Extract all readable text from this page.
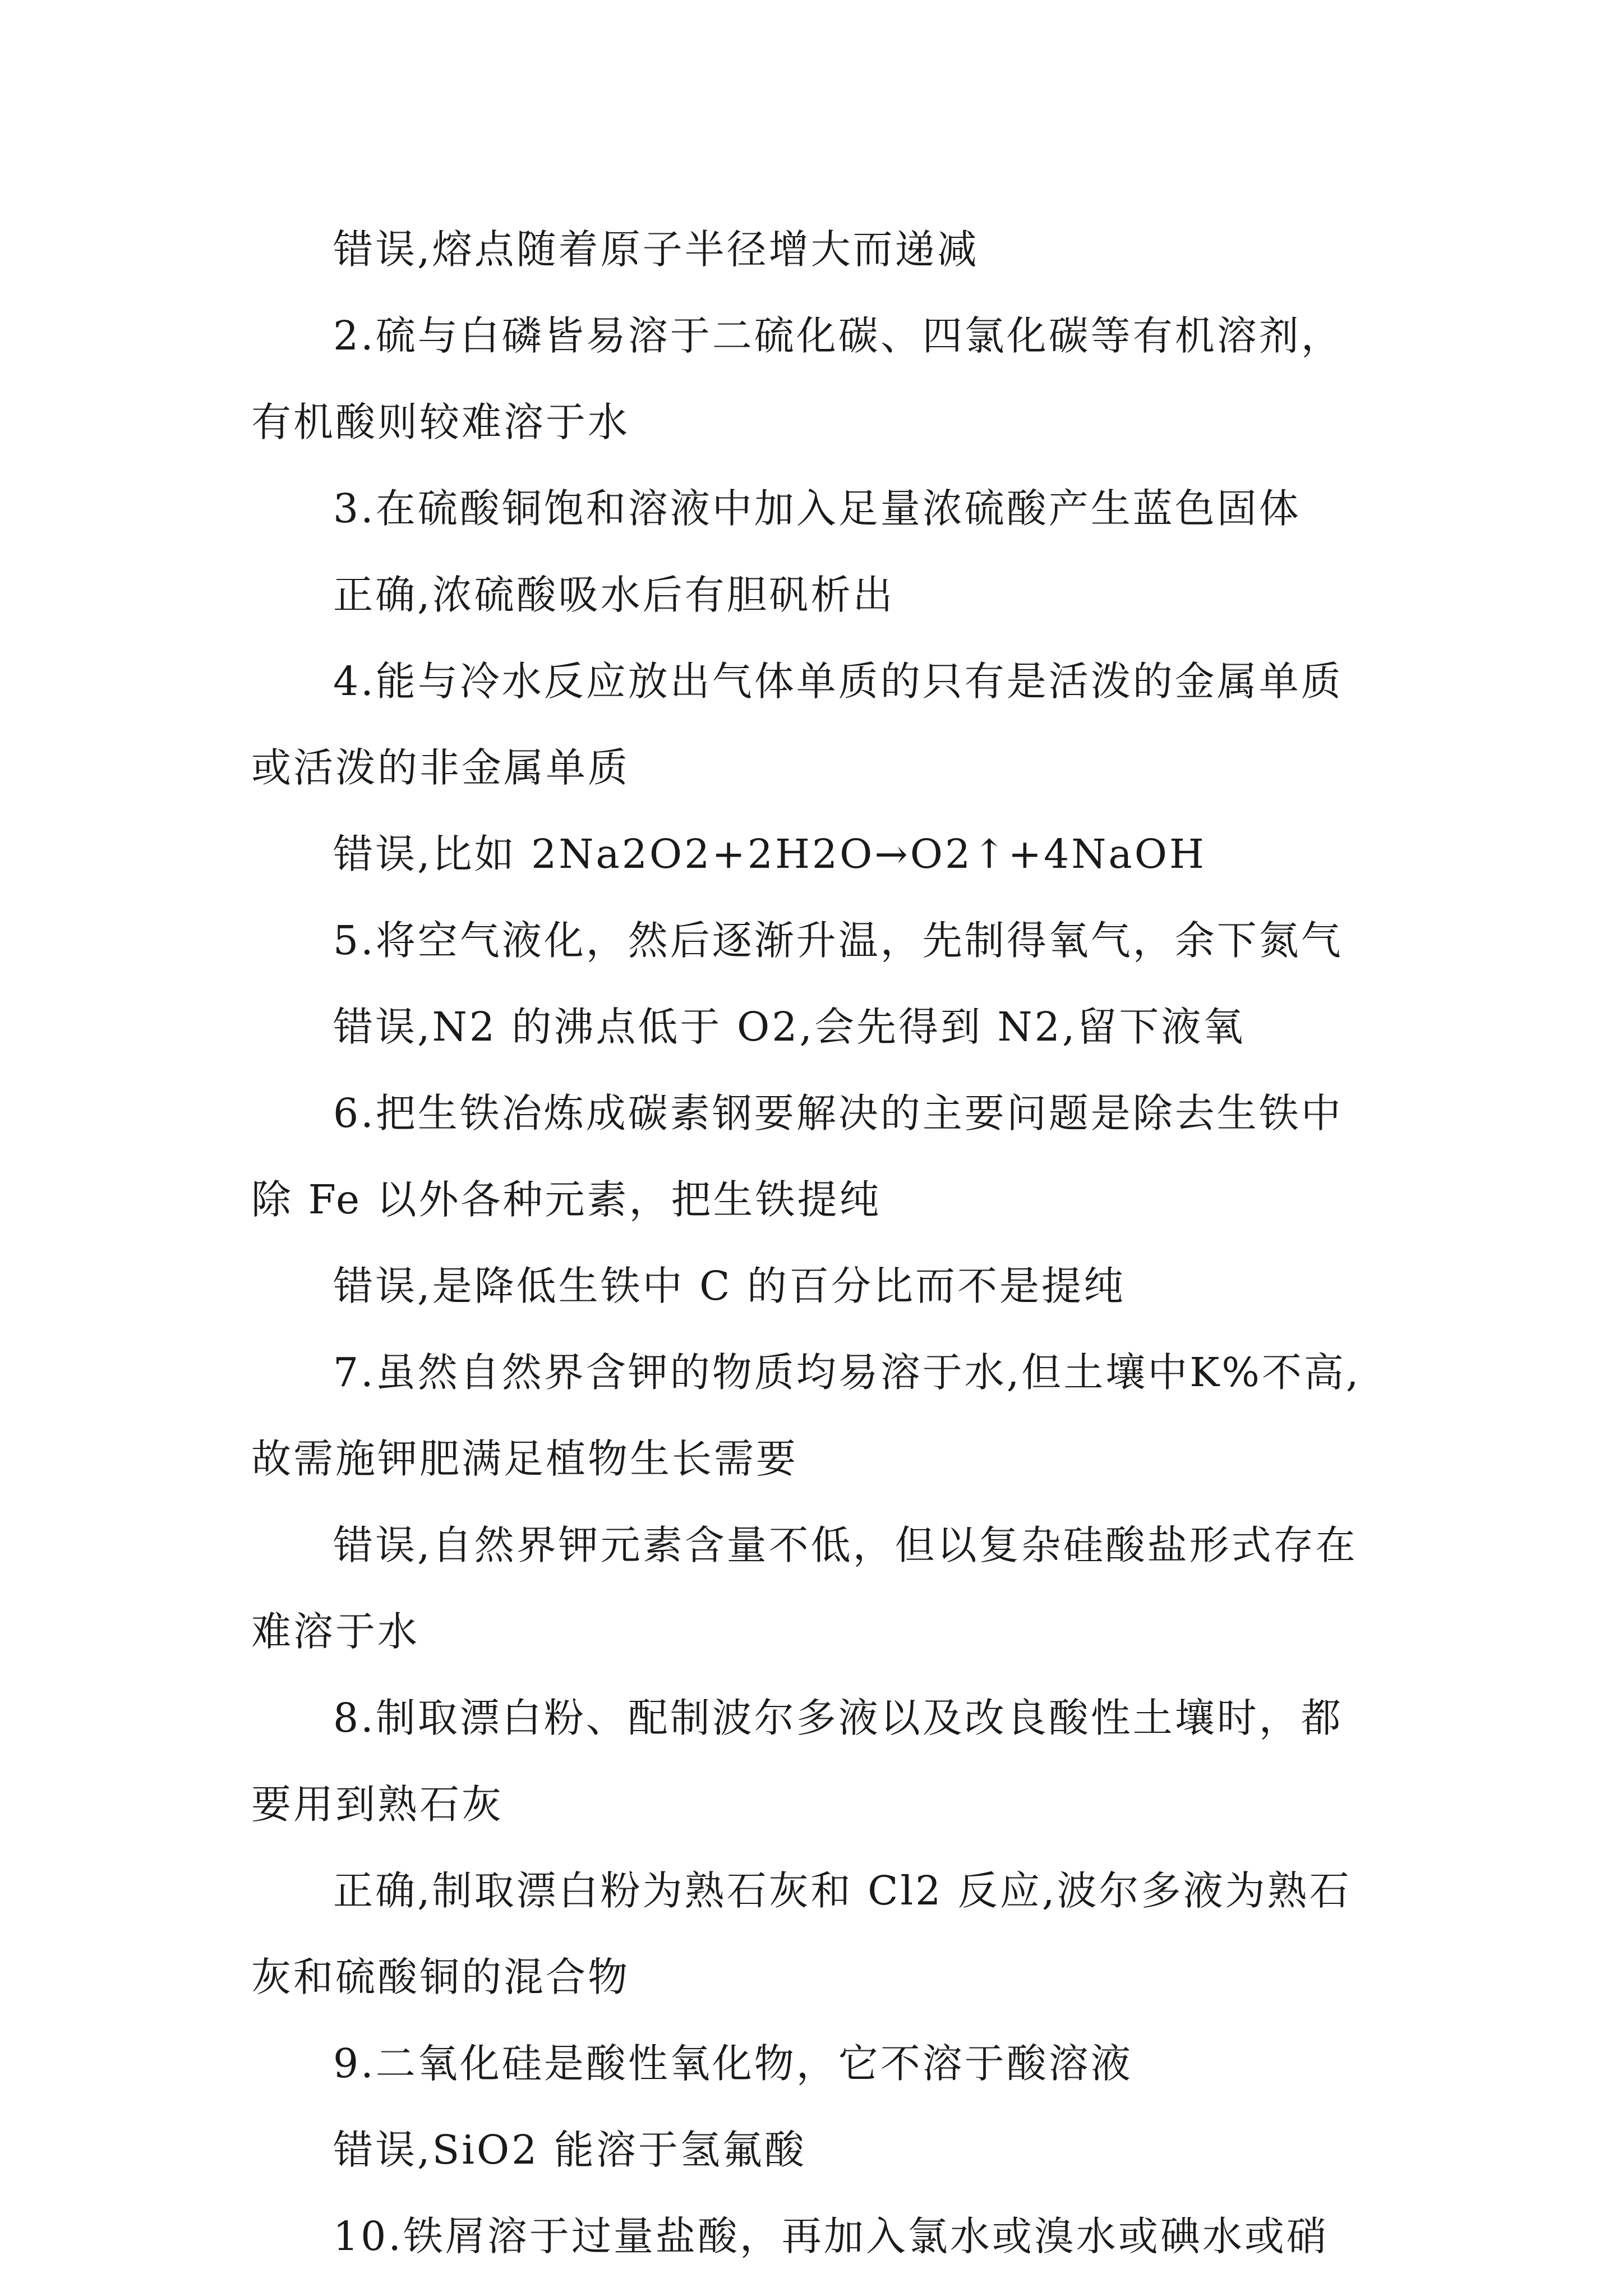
错误,熔点随着原子半径增大而递减

2.硫与白磷皆易溶于二硫化碳、四氯化碳等有机溶剂，有机酸则较难溶于水

3.在硫酸铜饱和溶液中加入足量浓硫酸产生蓝色固体

正确,浓硫酸吸水后有胆矾析出

4.能与冷水反应放出气体单质的只有是活泼的金属单质或活泼的非金属单质

错误,比如 2Na2O2+2H2O→O2↑+4NaOH

5.将空气液化，然后逐渐升温，先制得氧气，余下氮气

错误,N2 的沸点低于 O2,会先得到 N2,留下液氧

6.把生铁冶炼成碳素钢要解决的主要问题是除去生铁中除 Fe 以外各种元素，把生铁提纯

错误,是降低生铁中 C 的百分比而不是提纯

7.虽然自然界含钾的物质均易溶于水,但土壤中K%不高,故需施钾肥满足植物生长需要

错误,自然界钾元素含量不低，但以复杂硅酸盐形式存在难溶于水

8.制取漂白粉、配制波尔多液以及改良酸性土壤时，都要用到熟石灰

正确,制取漂白粉为熟石灰和 Cl2 反应,波尔多液为熟石灰和硫酸铜的混合物

9.二氧化硅是酸性氧化物，它不溶于酸溶液

错误,SiO2 能溶于氢氟酸

10.铁屑溶于过量盐酸，再加入氯水或溴水或碘水或硝
